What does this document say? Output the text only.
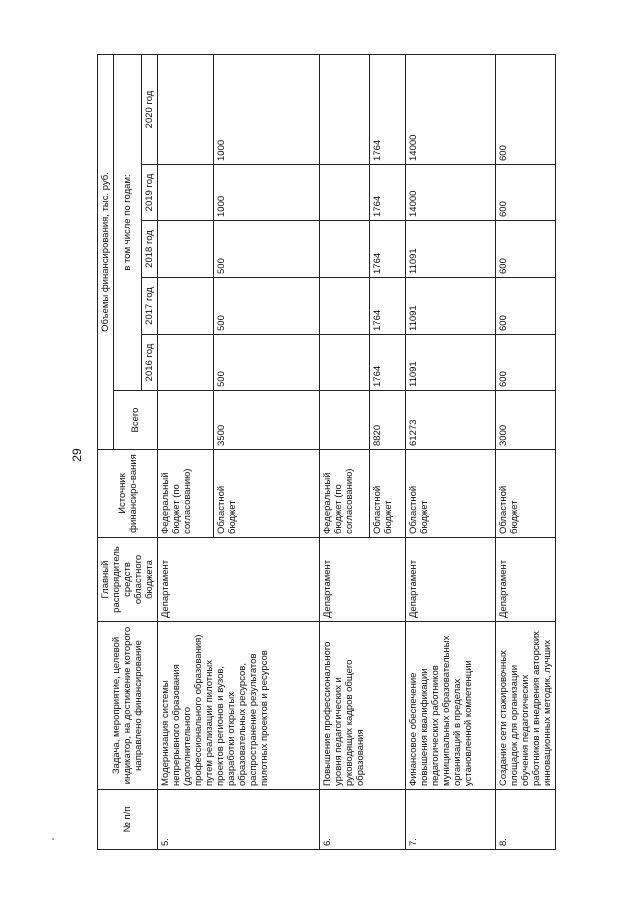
29
№ п/п	Задача, мероприятие, целевой индикатор, на достижение которого направлено финансирование	Главный распорядитель средств областного бюджета	Источник финансиро-вания	Объемы финансирования, тыс. руб.					
				Всего	в том числе по годам:				
					2016 год	2017 год	2018 год	2019 год	2020 год
5.	Модернизация системы непрерывного образования (дополнительного профессионального образования) путем реализации пилотных проектов регионов и вузов, разработки открытых образовательных ресурсов, распространение результатов пилотных проектов и ресурсов	Департамент	Федеральный бюджет (по согласованию)						
			Областной бюджет	3500	500	500	500	1000	1000
6.	Повышение профессионального уровня педагогических и руководящих кадров общего образования	Департамент	Федеральный бюджет (по согласованию)						
			Областной бюджет	8820	1764	1764	1764	1764	1764
7.	Финансовое обеспечение повышения квалификации педагогических работников муниципальных образовательных организаций в пределах установленной компетенции	Департамент	Областной бюджет	61273	11091	11091	11091	14000	14000
8.	Создание сети стажировочных площадок для организации обучения педагогических работников и внедрения авторских инновационных методик, лучших	Департамент	Областной бюджет	3000	600	600	600	600	600
